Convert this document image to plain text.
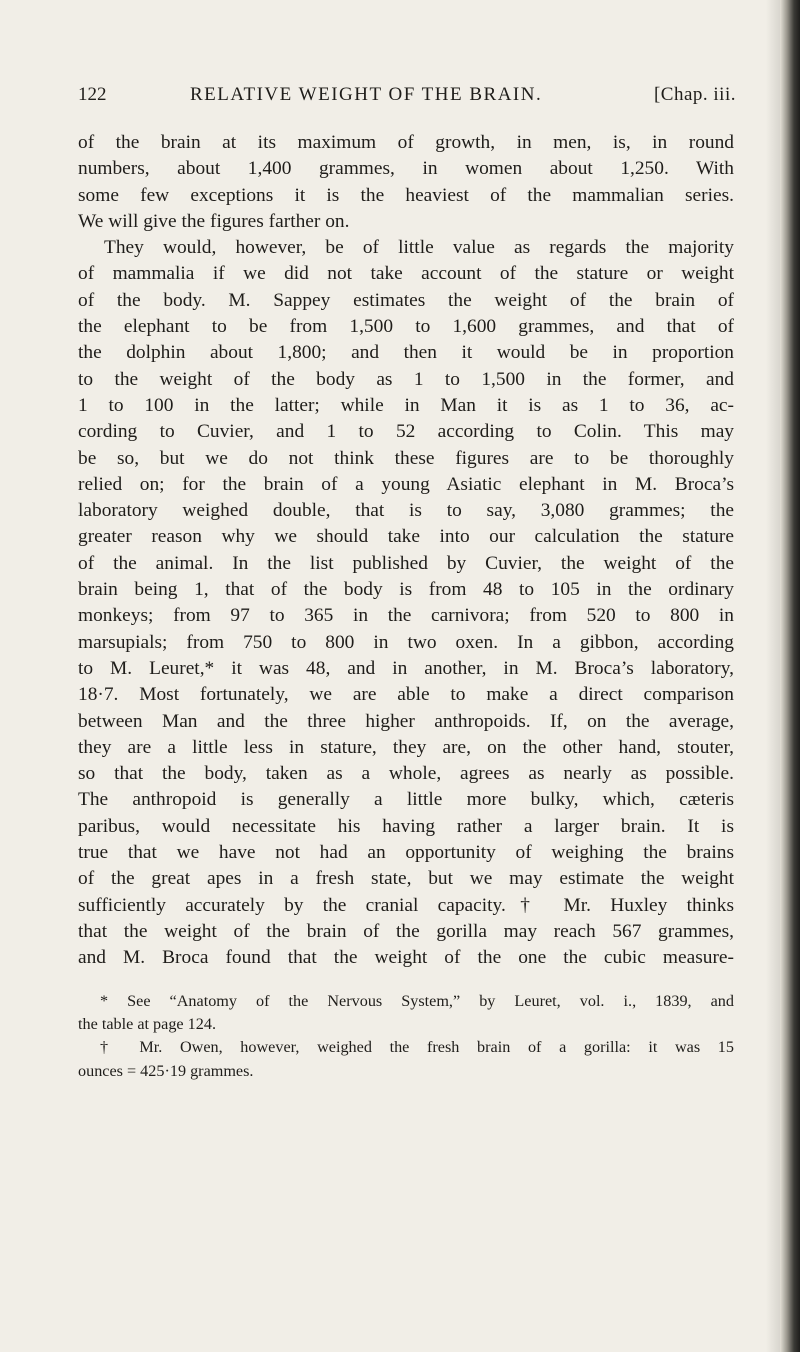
122	RELATIVE WEIGHT OF THE BRAIN.	[Chap. iii.
of the brain at its maximum of growth, in men, is, in round
numbers, about 1,400 grammes, in women about 1,250. With
some few exceptions it is the heaviest of the mammalian series.
We will give the figures farther on.
They would, however, be of little value as regards the majority
of mammalia if we did not take account of the stature or weight
of the body. M. Sappey estimates the weight of the brain of
the elephant to be from 1,500 to 1,600 grammes, and that of
the dolphin about 1,800; and then it would be in proportion
to the weight of the body as 1 to 1,500 in the former, and
1 to 100 in the latter; while in Man it is as 1 to 36, ac-
cording to Cuvier, and 1 to 52 according to Colin. This may
be so, but we do not think these figures are to be thoroughly
relied on; for the brain of a young Asiatic elephant in M. Broca’s
laboratory weighed double, that is to say, 3,080 grammes; the
greater reason why we should take into our calculation the stature
of the animal. In the list published by Cuvier, the weight of the
brain being 1, that of the body is from 48 to 105 in the ordinary
monkeys; from 97 to 365 in the carnivora; from 520 to 800 in
marsupials; from 750 to 800 in two oxen. In a gibbon, according
to M. Leuret,* it was 48, and in another, in M. Broca’s laboratory,
18·7. Most fortunately, we are able to make a direct comparison
between Man and the three higher anthropoids. If, on the average,
they are a little less in stature, they are, on the other hand, stouter,
so that the body, taken as a whole, agrees as nearly as possible.
The anthropoid is generally a little more bulky, which, cæteris
paribus, would necessitate his having rather a larger brain. It is
true that we have not had an opportunity of weighing the brains
of the great apes in a fresh state, but we may estimate the weight
sufficiently accurately by the cranial capacity.† Mr. Huxley thinks
that the weight of the brain of the gorilla may reach 567 grammes,
and M. Broca found that the weight of the one the cubic measure-
* See “Anatomy of the Nervous System,” by Leuret, vol. i., 1839, and
the table at page 124.
† Mr. Owen, however, weighed the fresh brain of a gorilla: it was 15
ounces = 425·19 grammes.
